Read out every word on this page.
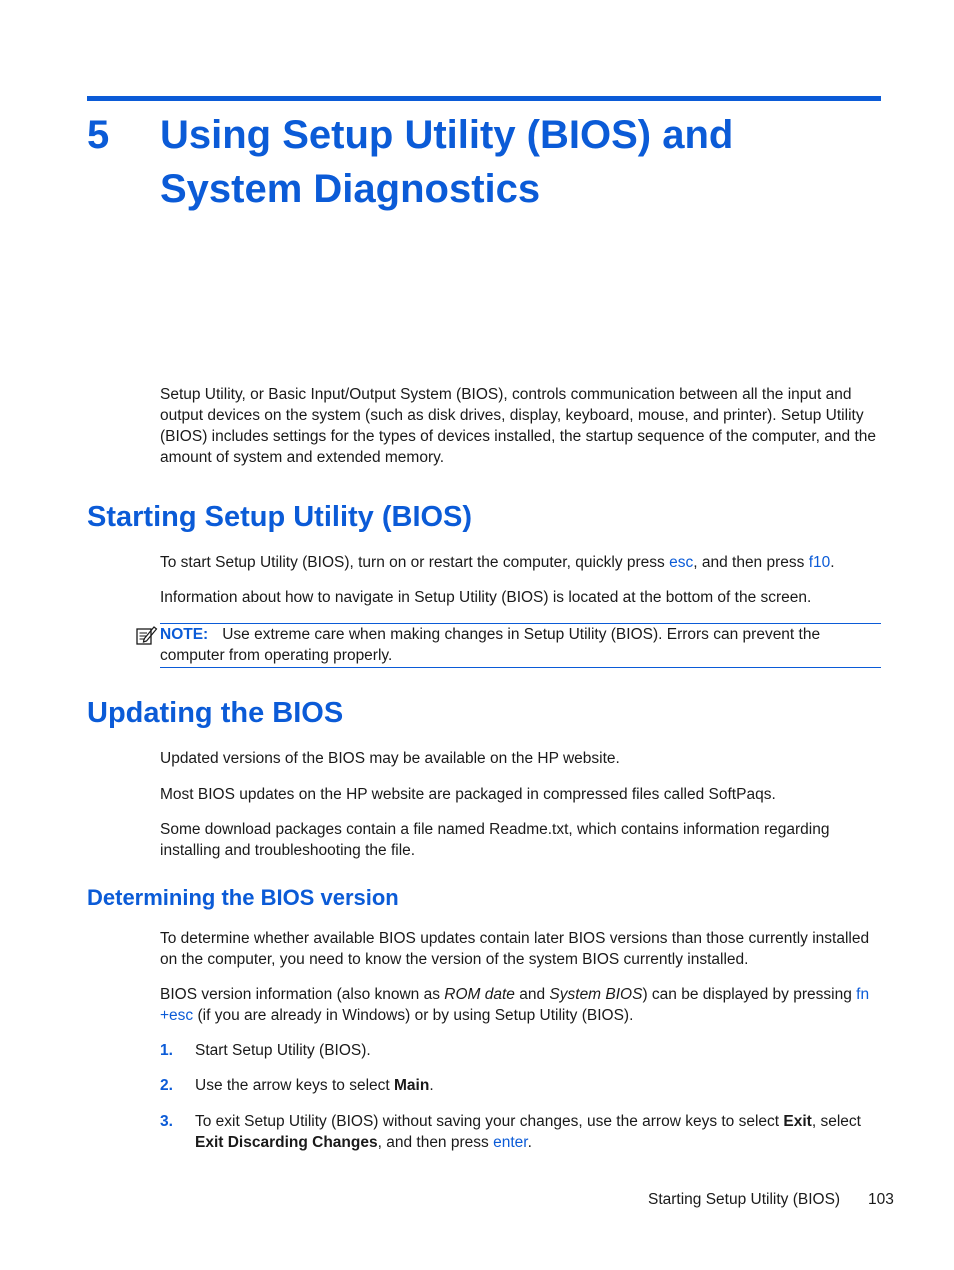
5 Using Setup Utility (BIOS) and System Diagnostics
Setup Utility, or Basic Input/Output System (BIOS), controls communication between all the input and output devices on the system (such as disk drives, display, keyboard, mouse, and printer). Setup Utility (BIOS) includes settings for the types of devices installed, the startup sequence of the computer, and the amount of system and extended memory.
Starting Setup Utility (BIOS)
To start Setup Utility (BIOS), turn on or restart the computer, quickly press esc, and then press f10.
Information about how to navigate in Setup Utility (BIOS) is located at the bottom of the screen.
NOTE: Use extreme care when making changes in Setup Utility (BIOS). Errors can prevent the computer from operating properly.
Updating the BIOS
Updated versions of the BIOS may be available on the HP website.
Most BIOS updates on the HP website are packaged in compressed files called SoftPaqs.
Some download packages contain a file named Readme.txt, which contains information regarding installing and troubleshooting the file.
Determining the BIOS version
To determine whether available BIOS updates contain later BIOS versions than those currently installed on the computer, you need to know the version of the system BIOS currently installed.
BIOS version information (also known as ROM date and System BIOS) can be displayed by pressing fn
+esc (if you are already in Windows) or by using Setup Utility (BIOS).
1. Start Setup Utility (BIOS).
2. Use the arrow keys to select Main.
3. To exit Setup Utility (BIOS) without saving your changes, use the arrow keys to select Exit, select Exit Discarding Changes, and then press enter.
Starting Setup Utility (BIOS) 103
